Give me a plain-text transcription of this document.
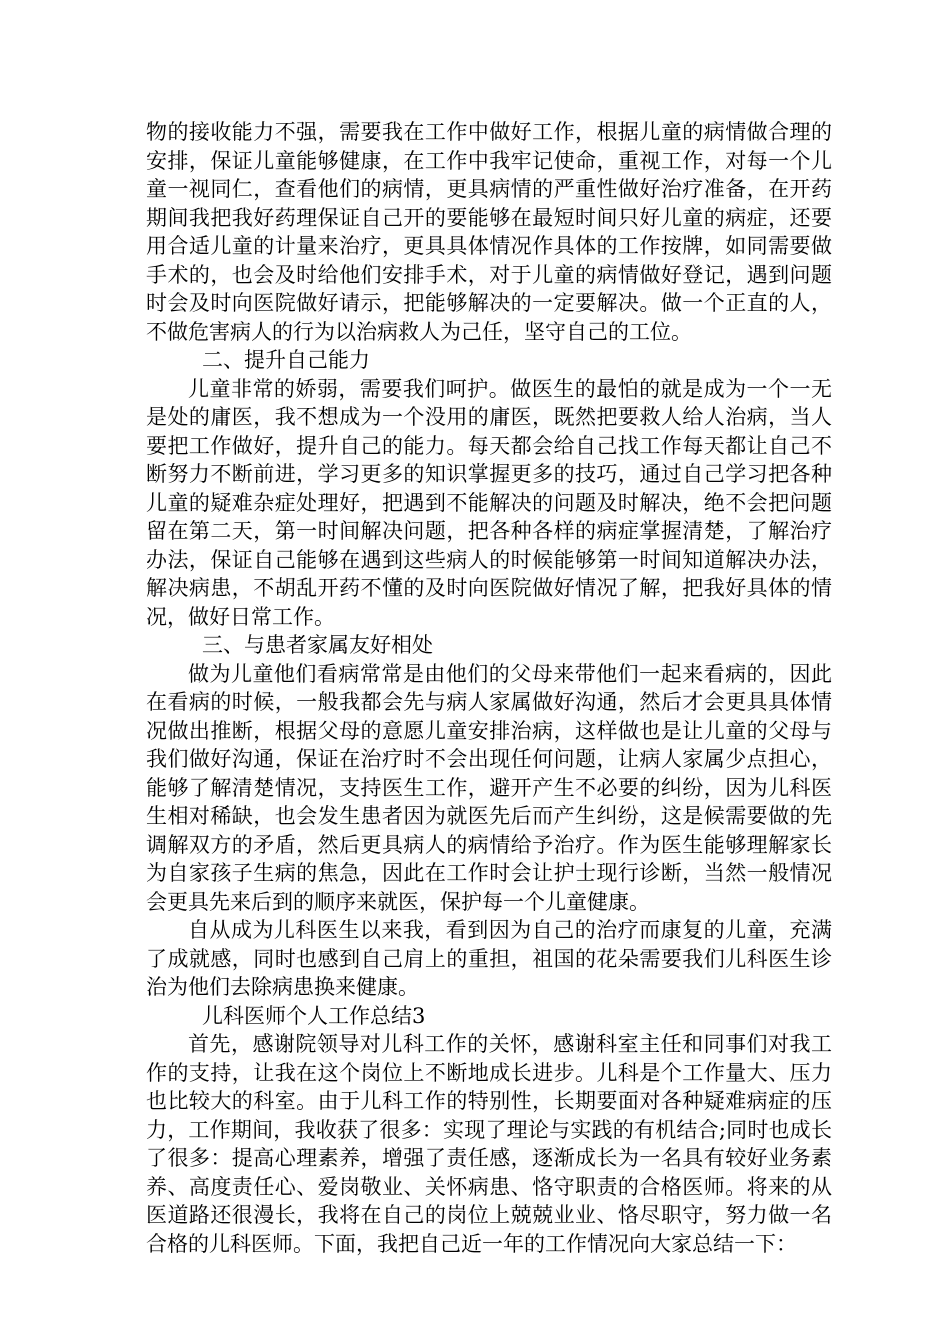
物的接收能力不强，需要我在工作中做好工作，根据儿童的病情做合理的安排，保证儿童能够健康，在工作中我牢记使命，重视工作，对每一个儿童一视同仁，查看他们的病情，更具病情的严重性做好治疗准备，在开药期间我把我好药理保证自己开的要能够在最短时间只好儿童的病症，还要用合适儿童的计量来治疗，更具具体情况作具体的工作按牌，如同需要做手术的，也会及时给他们安排手术，对于儿童的病情做好登记，遇到问题时会及时向医院做好请示，把能够解决的一定要解决。做一个正直的人，不做危害病人的行为以治病救人为己任，坚守自己的工位。

二、提升自己能力

儿童非常的娇弱，需要我们呵护。做医生的最怕的就是成为一个一无是处的庸医，我不想成为一个没用的庸医，既然把要救人给人治病，当人要把工作做好，提升自己的能力。每天都会给自己找工作每天都让自己不断努力不断前进，学习更多的知识掌握更多的技巧，通过自己学习把各种儿童的疑难杂症处理好，把遇到不能解决的问题及时解决，绝不会把问题留在第二天，第一时间解决问题，把各种各样的病症掌握清楚，了解治疗办法，保证自己能够在遇到这些病人的时候能够第一时间知道解决办法，解决病患，不胡乱开药不懂的及时向医院做好情况了解，把我好具体的情况，做好日常工作。

三、与患者家属友好相处

做为儿童他们看病常常是由他们的父母来带他们一起来看病的，因此在看病的时候，一般我都会先与病人家属做好沟通，然后才会更具具体情况做出推断，根据父母的意愿儿童安排治病，这样做也是让儿童的父母与我们做好沟通，保证在治疗时不会出现任何问题，让病人家属少点担心，能够了解清楚情况，支持医生工作，避开产生不必要的纠纷，因为儿科医生相对稀缺，也会发生患者因为就医先后而产生纠纷，这是候需要做的先调解双方的矛盾，然后更具病人的病情给予治疗。作为医生能够理解家长为自家孩子生病的焦急，因此在工作时会让护士现行诊断，当然一般情况会更具先来后到的顺序来就医，保护每一个儿童健康。

自从成为儿科医生以来我，看到因为自己的治疗而康复的儿童，充满了成就感，同时也感到自己肩上的重担，祖国的花朵需要我们儿科医生诊治为他们去除病患换来健康。

儿科医师个人工作总结3

首先，感谢院领导对儿科工作的关怀，感谢科室主任和同事们对我工作的支持，让我在这个岗位上不断地成长进步。儿科是个工作量大、压力也比较大的科室。由于儿科工作的特别性，长期要面对各种疑难病症的压力，工作期间，我收获了很多：实现了理论与实践的有机结合;同时也成长了很多：提高心理素养，增强了责任感，逐渐成长为一名具有较好业务素养、高度责任心、爱岗敬业、关怀病患、恪守职责的合格医师。将来的从医道路还很漫长，我将在自己的岗位上兢兢业业、恪尽职守，努力做一名合格的儿科医师。下面，我把自己近一年的工作情况向大家总结一下：
